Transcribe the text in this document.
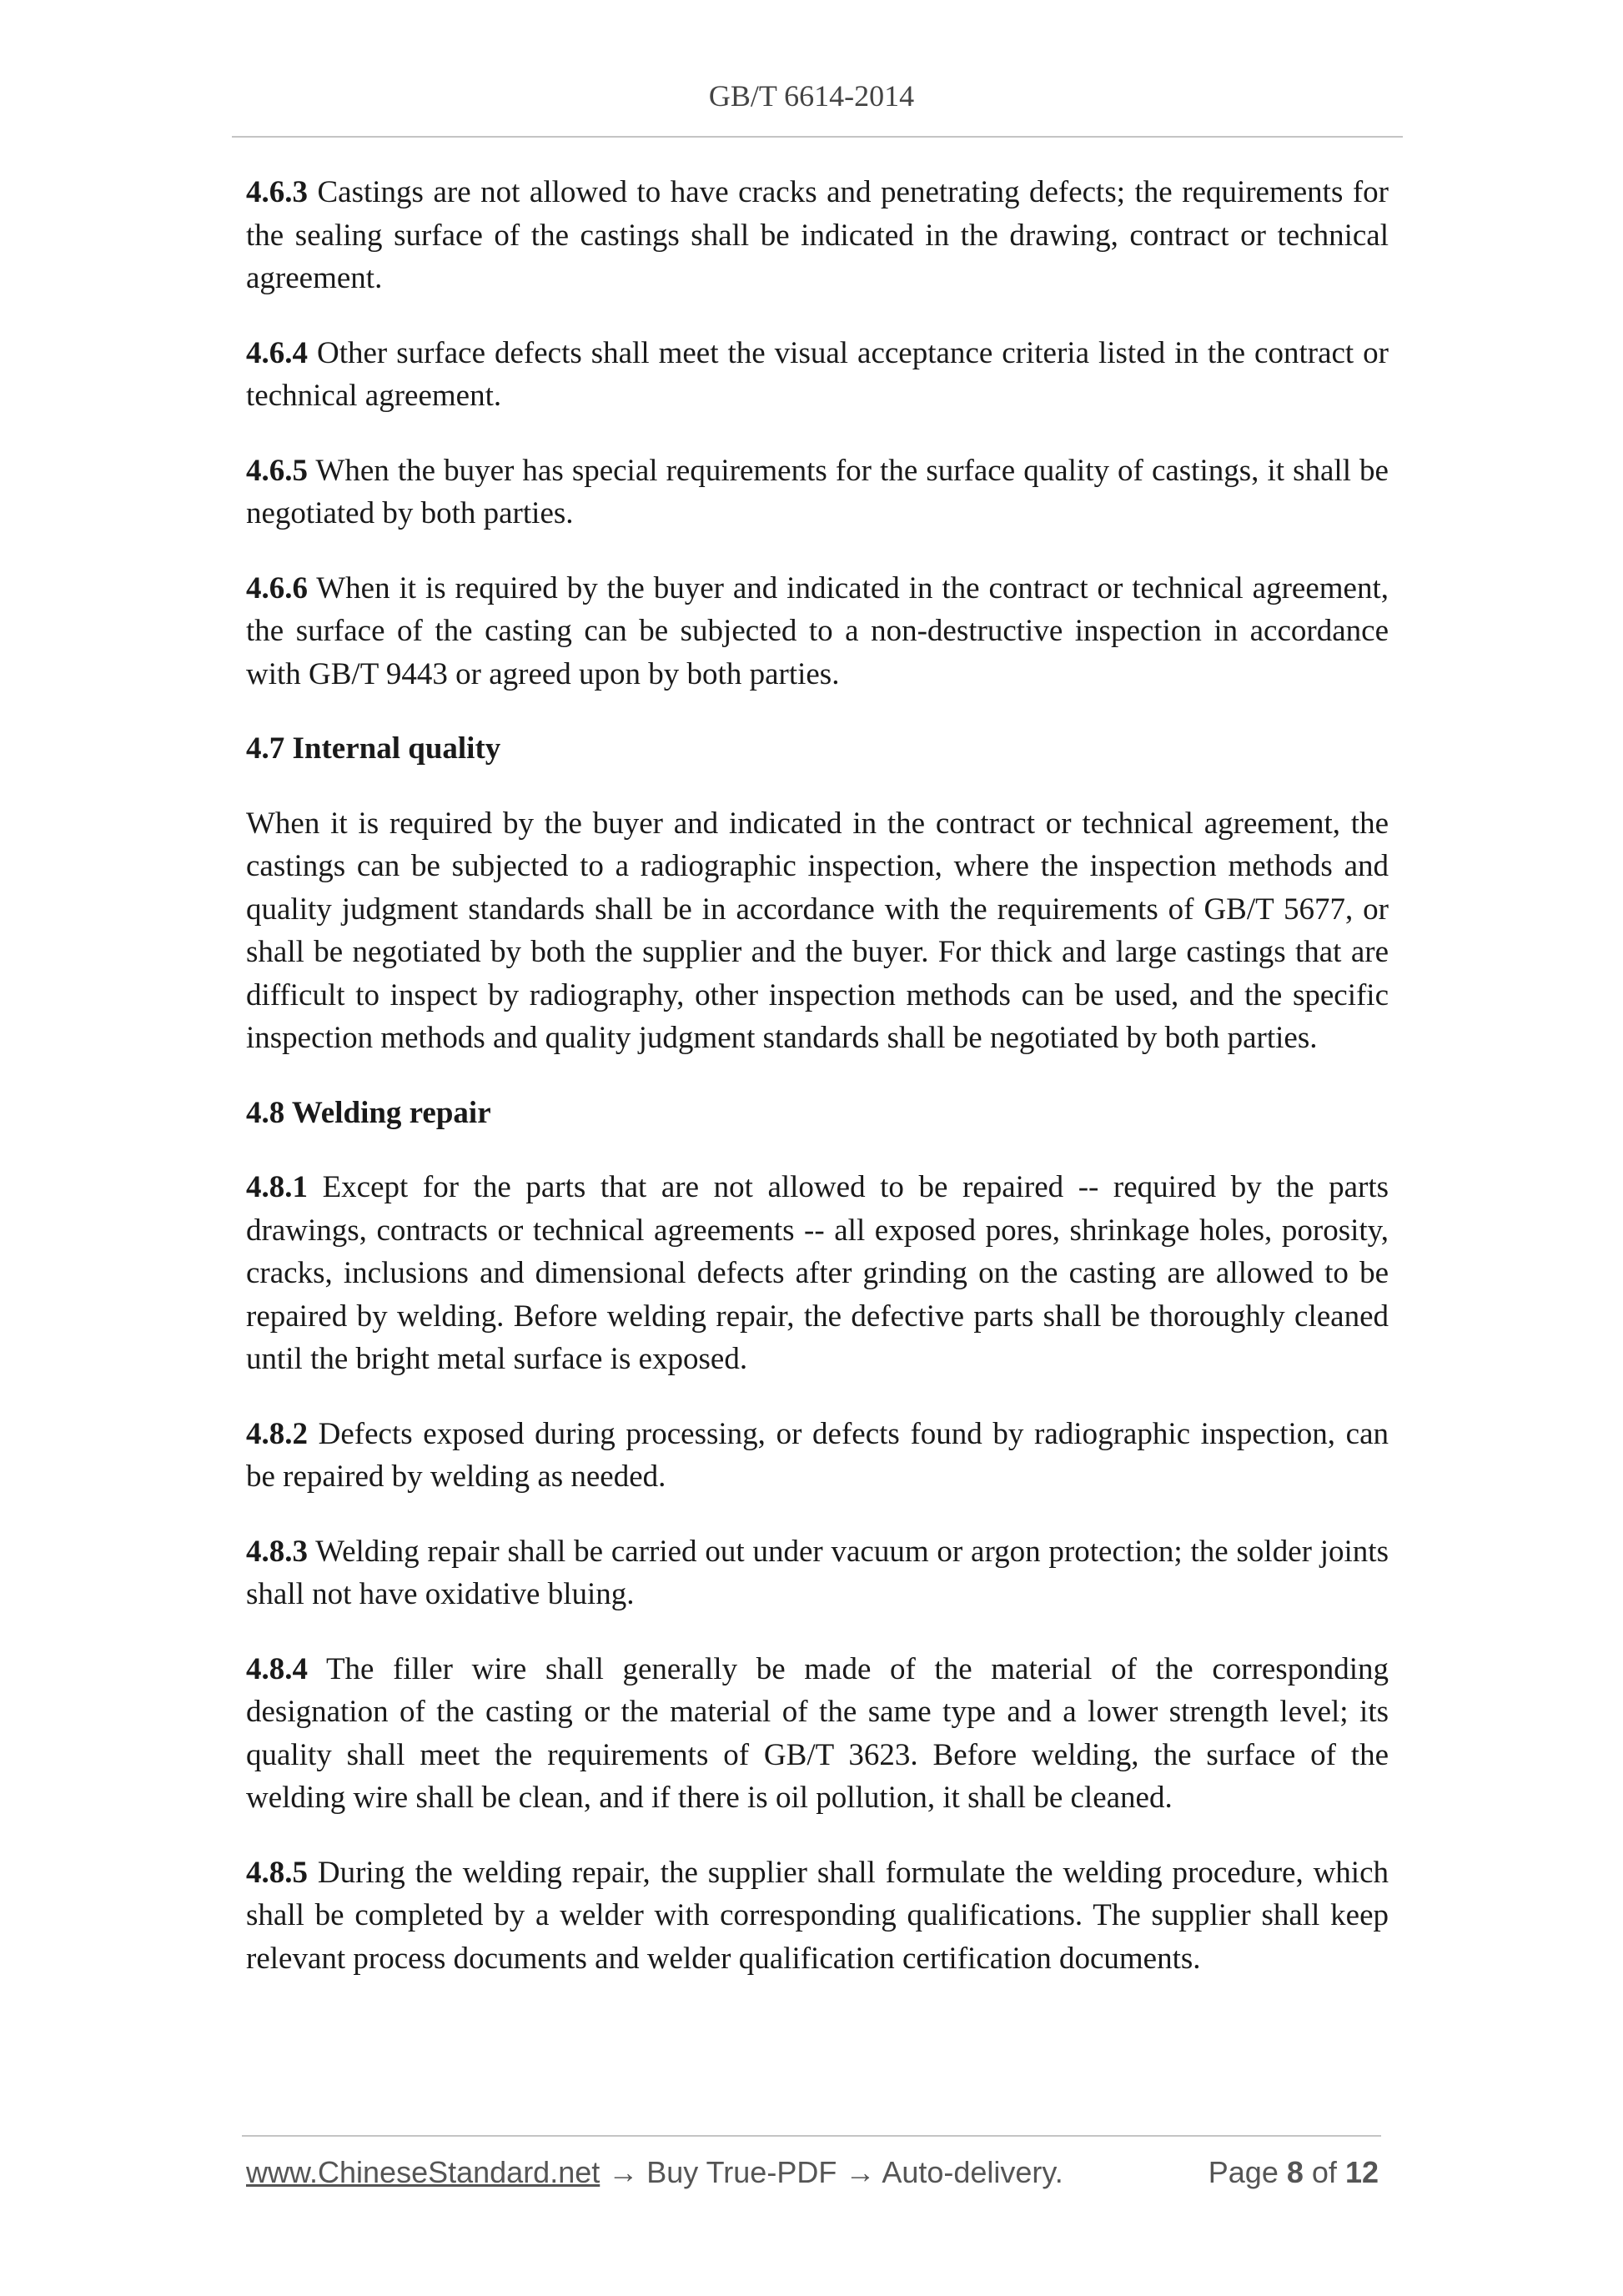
GB/T 6614-2014

4.6.3 Castings are not allowed to have cracks and penetrating defects; the requirements for the sealing surface of the castings shall be indicated in the drawing, contract or technical agreement.

4.6.4 Other surface defects shall meet the visual acceptance criteria listed in the contract or technical agreement.

4.6.5 When the buyer has special requirements for the surface quality of castings, it shall be negotiated by both parties.

4.6.6 When it is required by the buyer and indicated in the contract or technical agreement, the surface of the casting can be subjected to a non-destructive inspection in accordance with GB/T 9443 or agreed upon by both parties.

4.7 Internal quality

When it is required by the buyer and indicated in the contract or technical agreement, the castings can be subjected to a radiographic inspection, where the inspection methods and quality judgment standards shall be in accordance with the requirements of GB/T 5677, or shall be negotiated by both the supplier and the buyer. For thick and large castings that are difficult to inspect by radiography, other inspection methods can be used, and the specific inspection methods and quality judgment standards shall be negotiated by both parties.

4.8 Welding repair

4.8.1 Except for the parts that are not allowed to be repaired -- required by the parts drawings, contracts or technical agreements -- all exposed pores, shrinkage holes, porosity, cracks, inclusions and dimensional defects after grinding on the casting are allowed to be repaired by welding. Before welding repair, the defective parts shall be thoroughly cleaned until the bright metal surface is exposed.

4.8.2 Defects exposed during processing, or defects found by radiographic inspection, can be repaired by welding as needed.

4.8.3 Welding repair shall be carried out under vacuum or argon protection; the solder joints shall not have oxidative bluing.

4.8.4 The filler wire shall generally be made of the material of the corresponding designation of the casting or the material of the same type and a lower strength level; its quality shall meet the requirements of GB/T 3623. Before welding, the surface of the welding wire shall be clean, and if there is oil pollution, it shall be cleaned.

4.8.5 During the welding repair, the supplier shall formulate the welding procedure, which shall be completed by a welder with corresponding qualifications. The supplier shall keep relevant process documents and welder qualification certification documents.

www.ChineseStandard.net → Buy True-PDF → Auto-delivery.	Page 8 of 12
